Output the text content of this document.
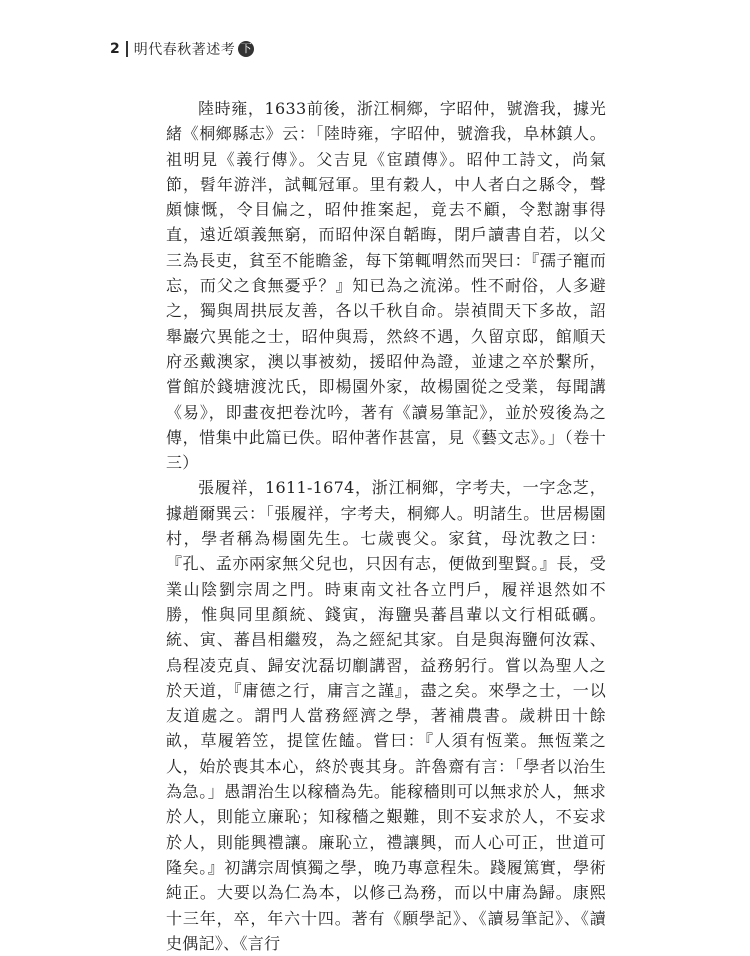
2 明代春秋著述考 下

陸時雍，1633前後，浙江桐鄉，字昭仲，號澹我，據光緒《桐鄉縣志》云：「陸時雍，字昭仲，號澹我，阜林鎮人。祖明見《義行傳》。父吉見《宦蹟傳》。昭仲工詩文，尚氣節，髫年游泮，試輒冠軍。里有穀人，中人者白之縣令，聲頗慷慨，令目偏之，昭仲推案起，竟去不顧，令懟謝事得直，遠近頌義無窮，而昭仲深自韜晦，閉戶讀書自若，以父三為長吏，貧至不能瞻釜，每下第輒喟然而哭曰：『孺子寵而忘，而父之食無憂乎？』知已為之流涕。性不耐俗，人多避之，獨與周拱辰友善，各以千秋自命。崇禎間天下多故，詔舉巖穴異能之士，昭仲與焉，然終不遇，久留京邸，館順天府丞戴澳家，澳以事被劾，援昭仲為證，並逮之卒於繫所，嘗館於錢塘渡沈氏，即楊園外家，故楊園從之受業，每聞講《易》，即畫夜把卷沈吟，著有《讀易筆記》，並於歿後為之傳，惜集中此篇已佚。昭仲著作甚富，見《藝文志》。」（卷十三）

張履祥，1611-1674，浙江桐鄉，字考夫，一字念芝，據趙爾巽云：「張履祥，字考夫，桐鄉人。明諸生。世居楊園村，學者稱為楊園先生。七歲喪父。家貧，母沈教之曰：『孔、孟亦兩家無父兒也，只因有志，便做到聖賢。』長，受業山陰劉宗周之門。時東南文社各立門戶，履祥退然如不勝，惟與同里顏統、錢寅，海鹽吳蕃昌輩以文行相砥礪。統、寅、蕃昌相繼歿，為之經紀其家。自是與海鹽何汝霖、烏程凌克貞、歸安沈磊切劘講習，益務躬行。嘗以為聖人之於天道，『庸德之行，庸言之謹』，盡之矣。來學之士，一以友道處之。謂門人當務經濟之學，著補農書。歲耕田十餘畝，草履箬笠，提筐佐饁。嘗曰：『人須有恆業。無恆業之人，始於喪其本心，終於喪其身。許魯齋有言：「學者以治生為急。」愚謂治生以稼穡為先。能稼穡則可以無求於人，無求於人，則能立廉恥；知稼穡之艱難，則不妄求於人，不妄求於人，則能興禮讓。廉恥立，禮讓興，而人心可正，世道可隆矣。』初講宗周慎獨之學，晚乃專意程朱。踐履篤實，學術純正。大要以為仁為本，以修己為務，而以中庸為歸。康熙十三年，卒，年六十四。著有《願學記》、《讀易筆記》、《讀史偶記》、《言行
